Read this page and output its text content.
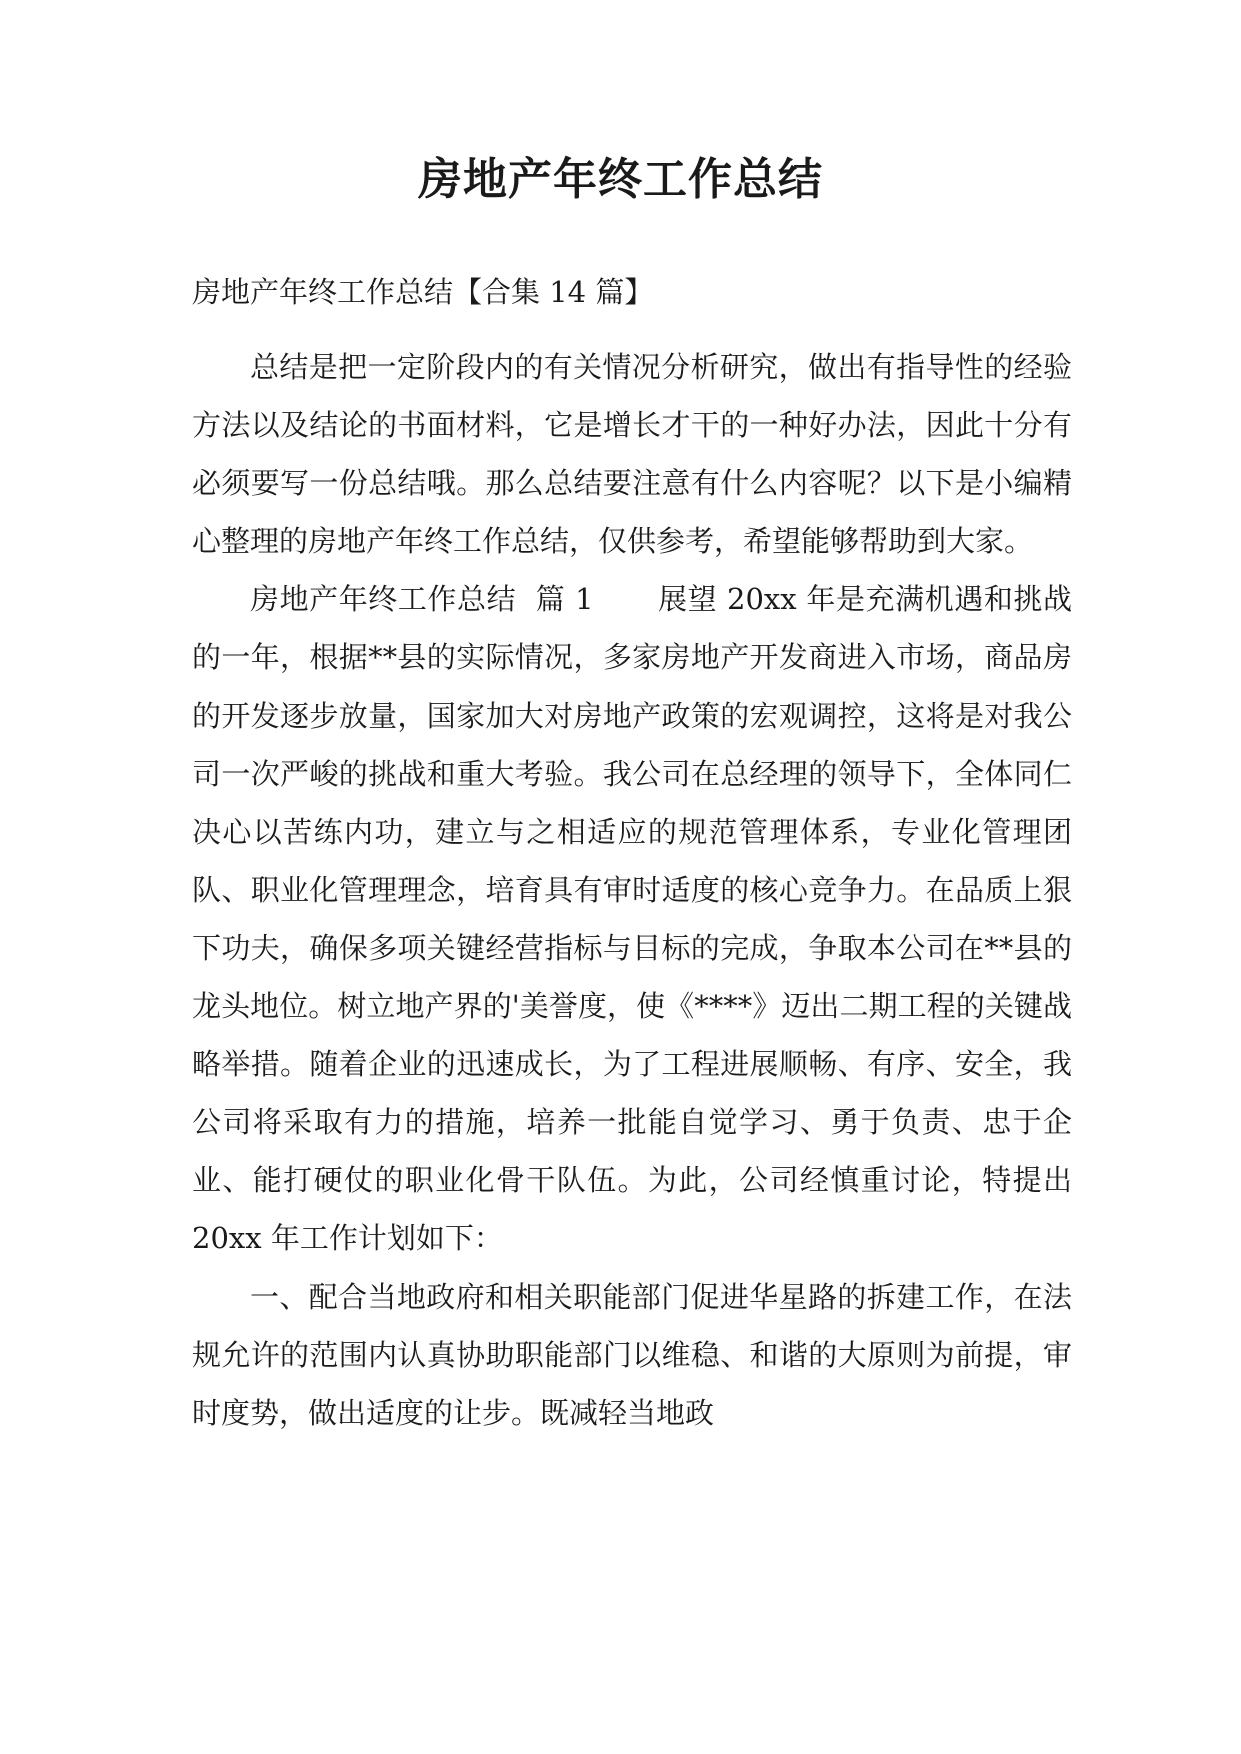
房地产年终工作总结

房地产年终工作总结【合集 14 篇】

总结是把一定阶段内的有关情况分析研究，做出有指导性的经验方法以及结论的书面材料，它是增长才干的一种好办法，因此十分有必须要写一份总结哦。那么总结要注意有什么内容呢？以下是小编精心整理的房地产年终工作总结，仅供参考，希望能够帮助到大家。

房地产年终工作总结  篇 1 展望 20xx 年是充满机遇和挑战的一年，根据**县的实际情况，多家房地产开发商进入市场，商品房的开发逐步放量，国家加大对房地产政策的宏观调控，这将是对我公司一次严峻的挑战和重大考验。我公司在总经理的领导下，全体同仁决心以苦练内功，建立与之相适应的规范管理体系，专业化管理团队、职业化管理理念，培育具有审时适度的核心竞争力。在品质上狠下功夫，确保多项关键经营指标与目标的完成，争取本公司在**县的龙头地位。树立地产界的'美誉度，使《****》迈出二期工程的关键战略举措。随着企业的迅速成长，为了工程进展顺畅、有序、安全，我公司将采取有力的措施，培养一批能自觉学习、勇于负责、忠于企业、能打硬仗的职业化骨干队伍。为此，公司经慎重讨论，特提出 20xx 年工作计划如下：

一、配合当地政府和相关职能部门促进华星路的拆建工作，在法规允许的范围内认真协助职能部门以维稳、和谐的大原则为前提，审时度势，做出适度的让步。既减轻当地政
